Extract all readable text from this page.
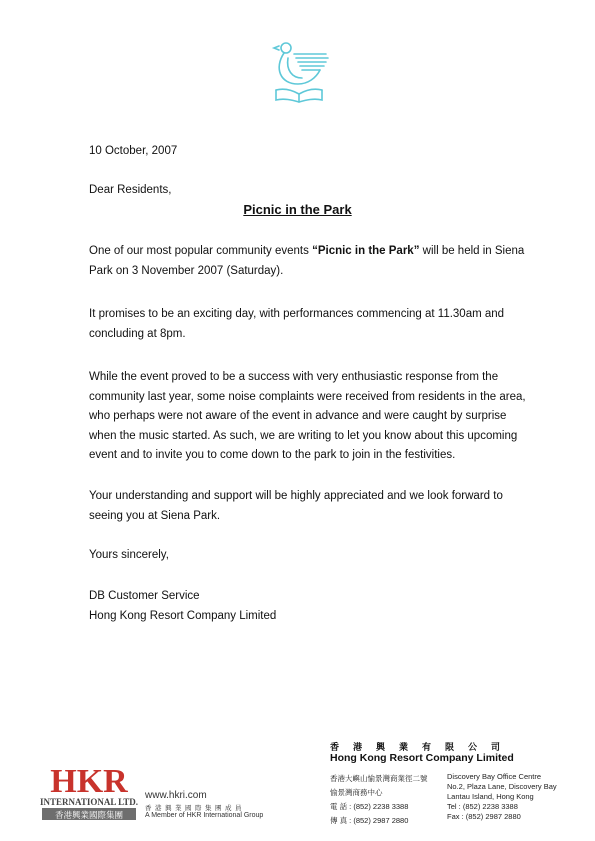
10 October, 2007

Dear Residents,

Picnic in the Park

One of our most popular community events “Picnic in the Park” will be held in Siena Park on 3 November 2007 (Saturday).

It promises to be an exciting day, with performances commencing at 11.30am and concluding at 8pm.

While the event proved to be a success with very enthusiastic response from the community last year, some noise complaints were received from residents in the area, who perhaps were not aware of the event in advance and were caught by surprise when the music started. As such, we are writing to let you know about this upcoming event and to invite you to come down to the park to join in the festivities.

Your understanding and support will be highly appreciated and we look forward to seeing you at Siena Park.

Yours sincerely,

DB Customer Service

Hong Kong Resort Company Limited

HKR
INTERNATIONAL LTD.
香港興業國際集團
www.hkri.com
香港興業國際集團成員
A Member of HKR International Group
香港興業有限公司
Hong Kong Resort Company Limited
香港大嶼山愉景灣商業徑二號
愉景灣商務中心
電 話 : (852) 2238 3388
傳 真 : (852) 2987 2880
Discovery Bay Office Centre
No.2, Plaza Lane, Discovery Bay
Lantau Island, Hong Kong
Tel : (852) 2238 3388
Fax : (852) 2987 2880
